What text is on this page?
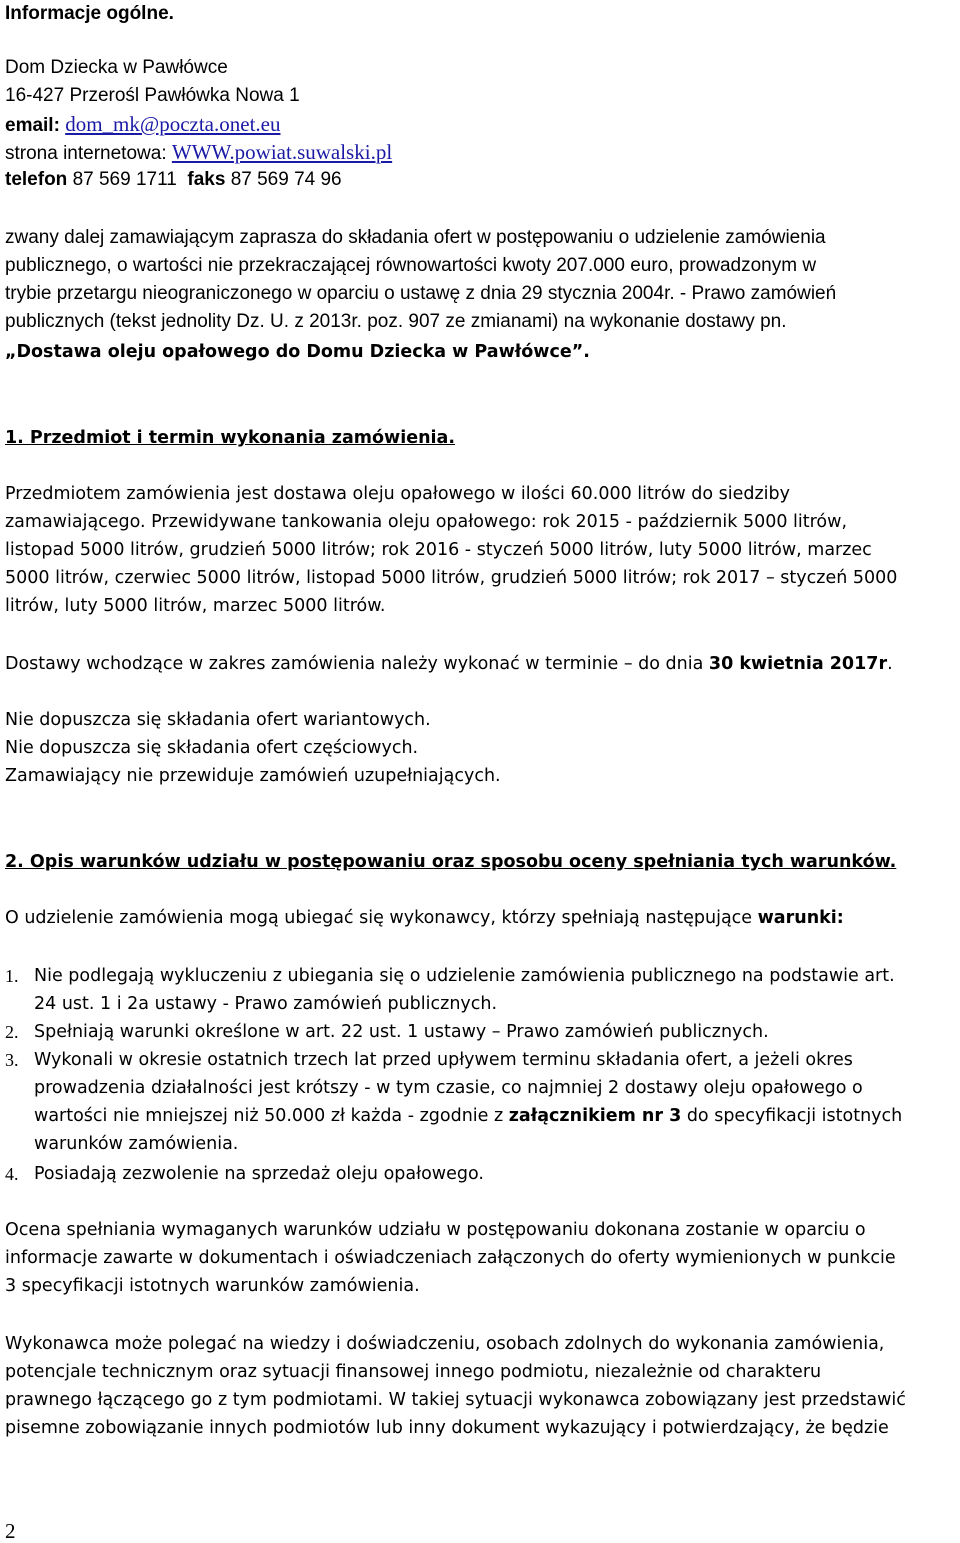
Informacje ogólne.
Dom Dziecka w Pawłówce
16-427 Przerośl Pawłówka Nowa 1
email: dom_mk@poczta.onet.eu
strona internetowa: WWW.powiat.suwalski.pl
telefon 87 569 1711 faks 87 569 74 96
zwany dalej zamawiającym zaprasza do składania ofert w postępowaniu o udzielenie zamówienia
publicznego, o wartości nie przekraczającej równowartości kwoty 207.000 euro, prowadzonym w
trybie przetargu nieograniczonego w oparciu o ustawę z dnia 29 stycznia 2004r. - Prawo zamówień
publicznych (tekst jednolity Dz. U. z 2013r. poz. 907 ze zmianami) na wykonanie dostawy pn.
„Dostawa oleju opałowego do Domu Dziecka w Pawłówce”.
1. Przedmiot i termin wykonania zamówienia.
Przedmiotem zamówienia jest dostawa oleju opałowego w ilości 60.000 litrów do siedziby
zamawiającego. Przewidywane tankowania oleju opałowego: rok 2015 - październik 5000 litrów,
listopad 5000 litrów, grudzień 5000 litrów; rok 2016 - styczeń 5000 litrów, luty 5000 litrów, marzec
5000 litrów, czerwiec 5000 litrów, listopad 5000 litrów, grudzień 5000 litrów; rok 2017 – styczeń 5000
litrów, luty 5000 litrów, marzec 5000 litrów.
Dostawy wchodzące w zakres zamówienia należy wykonać w terminie – do dnia 30 kwietnia 2017r.
Nie dopuszcza się składania ofert wariantowych.
Nie dopuszcza się składania ofert częściowych.
Zamawiający nie przewiduje zamówień uzupełniających.
2. Opis warunków udziału w postępowaniu oraz sposobu oceny spełniania tych warunków.
O udzielenie zamówienia mogą ubiegać się wykonawcy, którzy spełniają następujące warunki:
1. Nie podlegają wykluczeniu z ubiegania się o udzielenie zamówienia publicznego na podstawie art.
24 ust. 1 i 2a ustawy - Prawo zamówień publicznych.
2. Spełniają warunki określone w art. 22 ust. 1 ustawy – Prawo zamówień publicznych.
3. Wykonali w okresie ostatnich trzech lat przed upływem terminu składania ofert, a jeżeli okres
prowadzenia działalności jest krótszy - w tym czasie, co najmniej 2 dostawy oleju opałowego o
wartości nie mniejszej niż 50.000 zł każda - zgodnie z załącznikiem nr 3 do specyfikacji istotnych
warunków zamówienia.
4. Posiadają zezwolenie na sprzedaż oleju opałowego.
Ocena spełniania wymaganych warunków udziału w postępowaniu dokonana zostanie w oparciu o
informacje zawarte w dokumentach i oświadczeniach załączonych do oferty wymienionych w punkcie
3 specyfikacji istotnych warunków zamówienia.
Wykonawca może polegać na wiedzy i doświadczeniu, osobach zdolnych do wykonania zamówienia,
potencjale technicznym oraz sytuacji finansowej innego podmiotu, niezależnie od charakteru
prawnego łączącego go z tym podmiotami. W takiej sytuacji wykonawca zobowiązany jest przedstawić
pisemne zobowiązanie innych podmiotów lub inny dokument wykazujący i potwierdzający, że będzie
2
